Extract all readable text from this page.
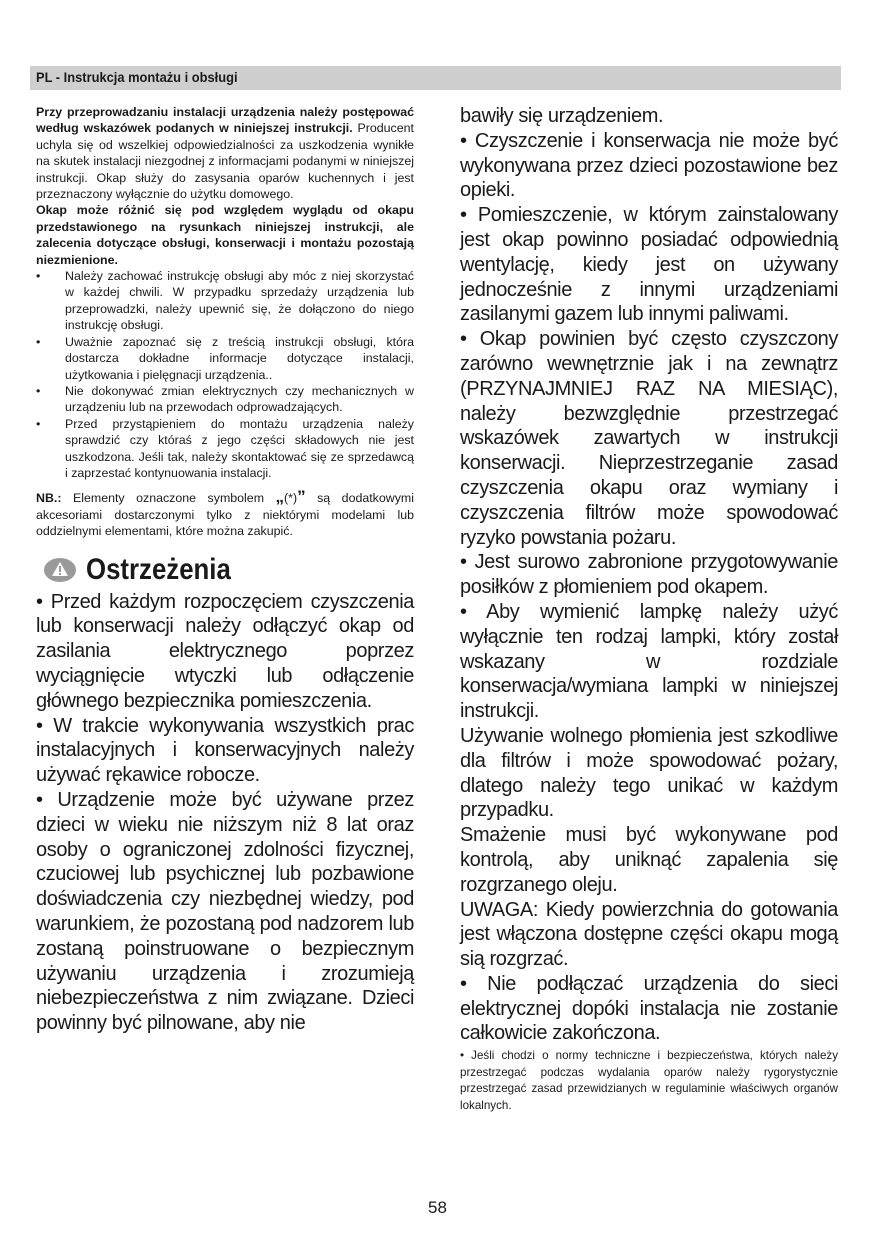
PL - Instrukcja montażu i obsługi

Przy przeprowadzaniu instalacji urządzenia należy postępować według wskazówek podanych w niniejszej instrukcji. Producent uchyla się od wszelkiej odpowiedzialności za uszkodzenia wynikłe na skutek instalacji niezgodnej z informacjami podanymi w niniejszej instrukcji. Okap służy do zasysania oparów kuchennych i jest przeznaczony wyłącznie do użytku domowego.

Okap może różnić się pod względem wyglądu od okapu przedstawionego na rysunkach niniejszej instrukcji, ale zalecenia dotyczące obsługi, konserwacji i montażu pozostają niezmienione.

• Należy zachować instrukcję obsługi aby móc z niej skorzystać w każdej chwili. W przypadku sprzedaży urządzenia lub przeprowadzki, należy upewnić się, że dołączono do niego instrukcję obsługi.
• Uważnie zapoznać się z treścią instrukcji obsługi, która dostarcza dokładne informacje dotyczące instalacji, użytkowania i pielęgnacji urządzenia..
• Nie dokonywać zmian elektrycznych czy mechanicznych w urządzeniu lub na przewodach odprowadzających.
• Przed przystąpieniem do montażu urządzenia należy sprawdzić czy któraś z jego części składowych nie jest uszkodzona. Jeśli tak, należy skontaktować się ze sprzedawcą i zaprzestać kontynuowania instalacji.

NB.: Elementy oznaczone symbolem „(*)” są dodatkowymi akcesoriami dostarczonymi tylko z niektórymi modelami lub oddzielnymi elementami, które można zakupić.

Ostrzeżenia

• Przed każdym rozpoczęciem czyszczenia lub konserwacji należy odłączyć okap od zasilania elektrycznego poprzez wyciągnięcie wtyczki lub odłączenie głównego bezpiecznika pomieszczenia.

• W trakcie wykonywania wszystkich prac instalacyjnych i konserwacyjnych należy używać rękawice robocze.

• Urządzenie może być używane przez dzieci w wieku nie niższym niż 8 lat oraz osoby o ograniczonej zdolności fizycznej, czuciowej lub psychicznej lub pozbawione doświadczenia czy niezbędnej wiedzy, pod warunkiem, że pozostaną pod nadzorem lub zostaną poinstruowane o bezpiecznym używaniu urządzenia i zrozumieją niebezpieczeństwa z nim związane. Dzieci powinny być pilnowane, aby nie

bawiły się urządzeniem.

• Czyszczenie i konserwacja nie może być wykonywana przez dzieci pozostawione bez opieki.

• Pomieszczenie, w którym zainstalowany jest okap powinno posiadać odpowiednią wentylację, kiedy jest on używany jednocześnie z innymi urządzeniami zasilanymi gazem lub innymi paliwami.

• Okap powinien być często czyszczony zarówno wewnętrznie jak i na zewnątrz (PRZYNAJMNIEJ RAZ NA MIESIĄC), należy bezwzględnie przestrzegać wskazówek zawartych w instrukcji konserwacji. Nieprzestrzeganie zasad czyszczenia okapu oraz wymiany i czyszczenia filtrów może spowodować ryzyko powstania pożaru.

• Jest surowo zabronione przygotowywanie posiłków z płomieniem pod okapem.

• Aby wymienić lampkę należy użyć wyłącznie ten rodzaj lampki, który został wskazany w rozdziale konserwacja/wymiana lampki w niniejszej instrukcji.

Używanie wolnego płomienia jest szkodliwe dla filtrów i może spowodować pożary, dlatego należy tego unikać w każdym przypadku.

Smażenie musi być wykonywane pod kontrolą, aby uniknąć zapalenia się rozgrzanego oleju.

UWAGA: Kiedy powierzchnia do gotowania jest włączona dostępne części okapu mogą sią rozgrzać.

• Nie podłączać urządzenia do sieci elektrycznej dopóki instalacja nie zostanie całkowicie zakończona.

• Jeśli chodzi o normy techniczne i bezpieczeństwa, których należy przestrzegać podczas wydalania oparów należy rygorystycznie przestrzegać zasad przewidzianych w regulaminie właściwych organów lokalnych.

58
